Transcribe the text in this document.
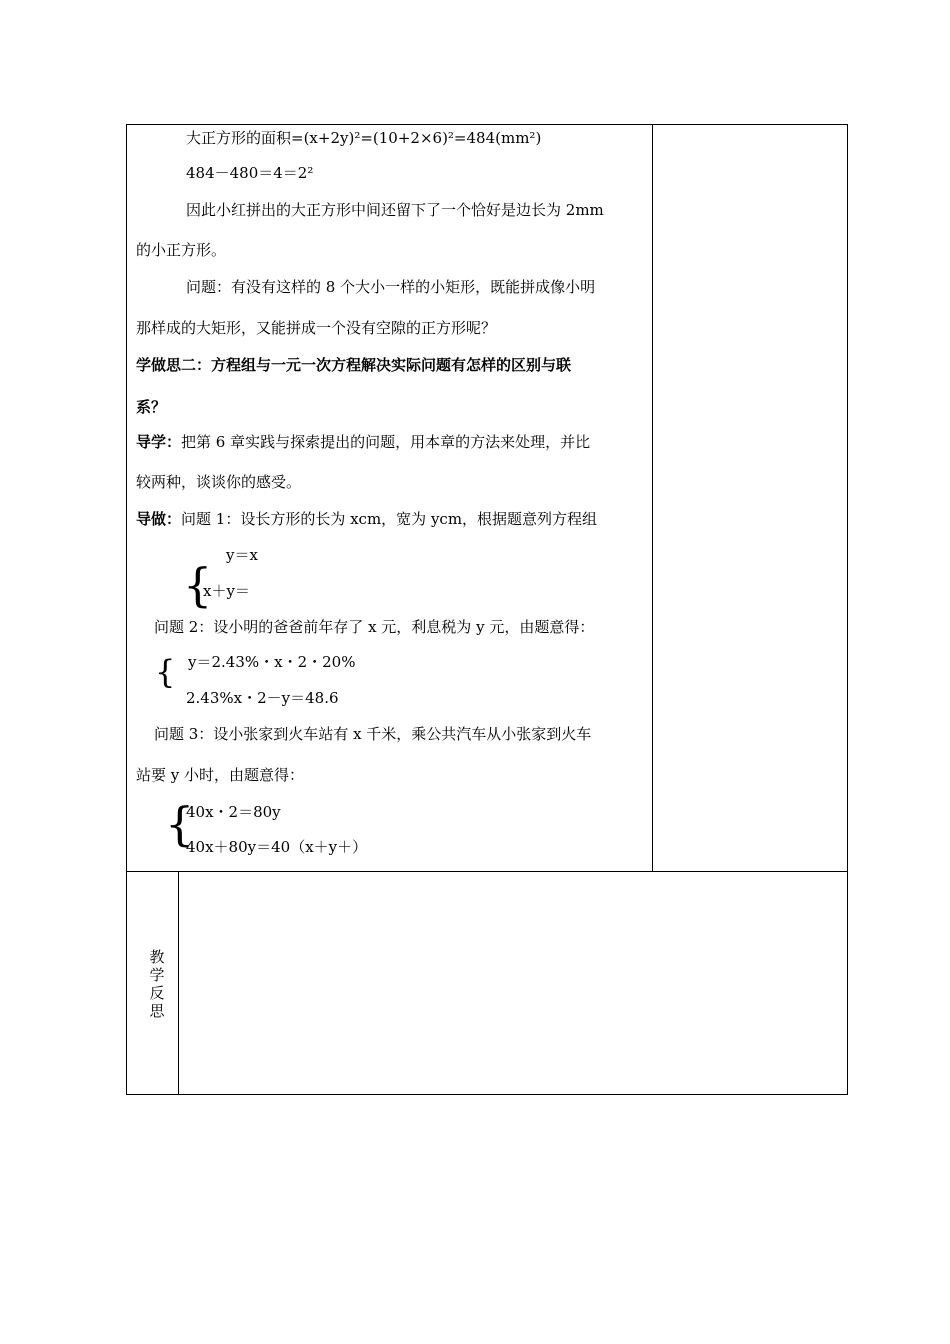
大正方形的面积=(x+2y)²=(10+2×6)²=484(mm²)
484－480＝4＝2²
因此小红拼出的大正方形中间还留下了一个恰好是边长为 2mm
的小正方形。
问题：有没有这样的 8 个大小一样的小矩形，既能拼成像小明
那样成的大矩形，又能拼成一个没有空隙的正方形呢？
学做思二：方程组与一元一次方程解决实际问题有怎样的区别与联
系？
导学：把第 6 章实践与探索提出的问题，用本章的方法来处理，并比
较两种，谈谈你的感受。
导做：问题 1：设长方形的长为 xcm，宽为 ycm，根据题意列方程组
{
y＝x
x＋y＝
问题 2：设小明的爸爸前年存了 x 元，利息税为 y 元，由题意得：
{ y＝2.43%・x・2・20%
2.43%x・2－y＝48.6
问题 3：设小张家到火车站有 x 千米，乘公共汽车从小张家到火车
站要 y 小时，由题意得：
{
40x・2＝80y
40x＋80y＝40（x＋y＋）
教学反思
